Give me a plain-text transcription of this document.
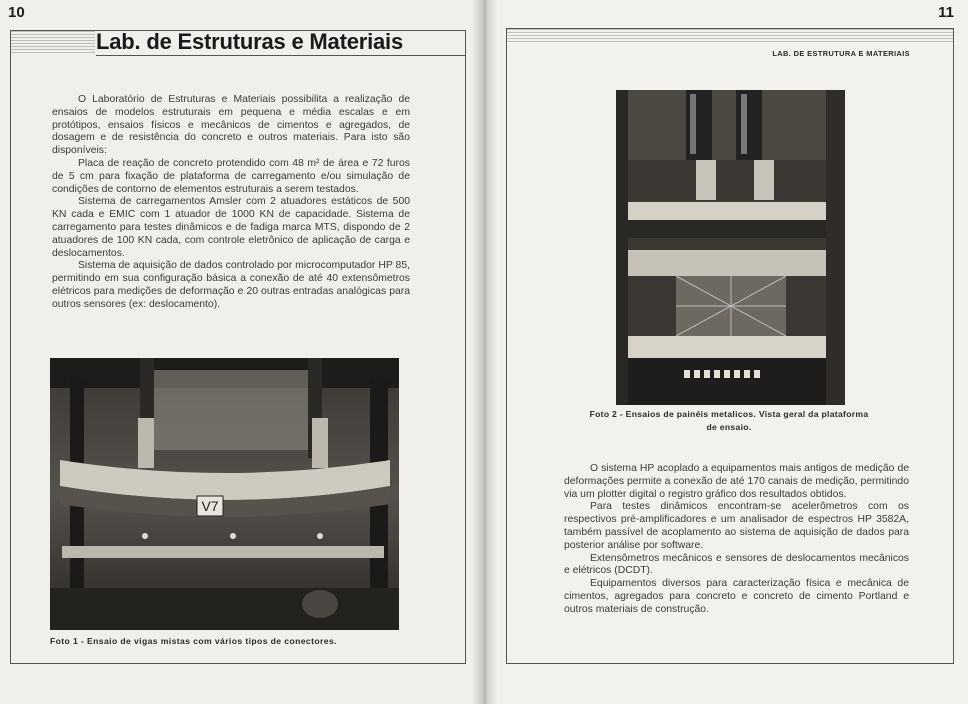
10
Lab. de Estruturas e Materiais

O Laboratório de Estruturas e Materiais possibilita a realização de ensaios de modelos estruturais em pequena e média escalas e em protótipos, ensaios físicos e mecânicos de cimentos e agregados, de dosagem e de resistência do concreto e outros materiais. Para isto são disponíveis:

Placa de reação de concreto protendido com 48 m² de área e 72 furos de 5 cm para fixação de plataforma de carregamento e/ou simulação de condições de contorno de elementos estruturais a serem testados.

Sistema de carregamentos Amsler com 2 atuadores estáticos de 500 KN cada e EMIC com 1 atuador de 1000 KN de capacidade. Sistema de carregamento para testes dinâmicos e de fadiga marca MTS, dispondo de 2 atuadores de 100 KN cada, com controle eletrônico de aplicação de carga e deslocamentos.

Sistema de aquisição de dados controlado por microcomputador HP 85, permitindo em sua configuração básica a conexão de até 40 extensômetros elétricos para medições de deformação e 20 outras entradas analógicas para outros sensores (ex: deslocamento).

V7
Foto 1 - Ensaio de vigas mistas com vários tipos de conectores.
11
LAB. DE ESTRUTURA E MATERIAIS
Foto 2 - Ensaios de painéis metalicos. Vista geral da plataforma de ensaio.

O sistema HP acoplado a equipamentos mais antigos de medição de deformações permite a conexão de até 170 canais de medição, permitindo via um plotter digital o registro gráfico dos resultados obtidos.

Para testes dinâmicos encontram-se acelerômetros com os respectivos pré-amplificadores e um analisador de espectros HP 3582A, também passível de acoplamento ao sistema de aquisição de dados para posterior análise por software.

Extensômetros mecânicos e sensores de deslocamentos mecânicos e elétricos (DCDT).

Equipamentos diversos para caracterização física e mecânica de cimentos, agregados para concreto e concreto de cimento Portland e outros materiais de construção.
